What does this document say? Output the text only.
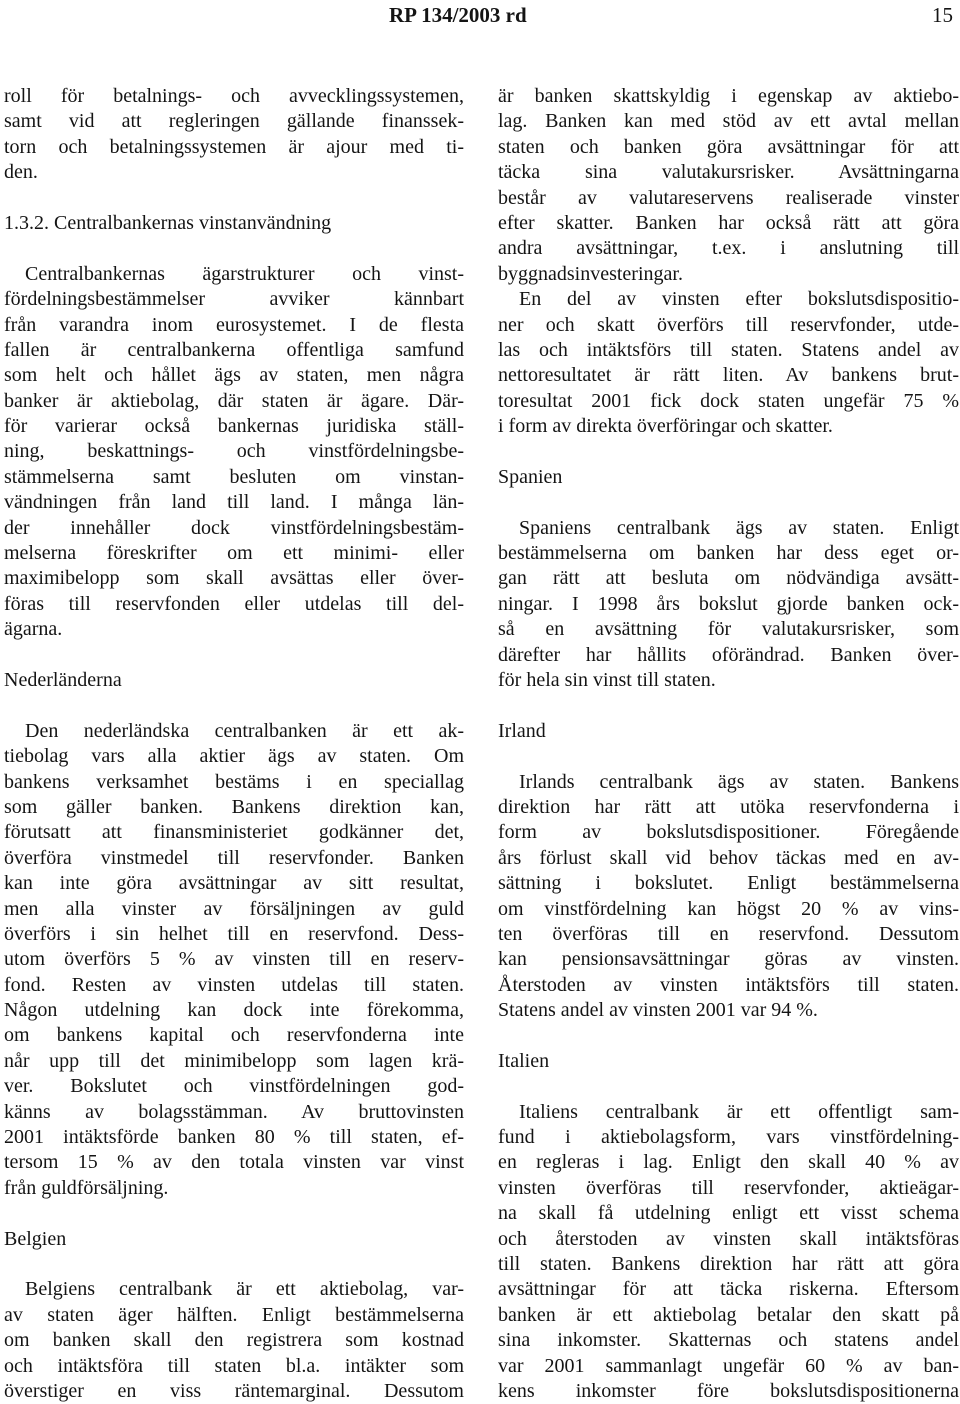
RP 134/2003 rd	15
roll för betalnings- och avvecklingssystemen,
samt vid att regleringen gällande finanssek-
torn och betalningssystemen är ajour med ti-
den.
1.3.2. Centralbankernas vinstanvändning
Centralbankernas ägarstrukturer och vinst-
fördelningsbestämmelser avviker kännbart
från varandra inom eurosystemet. I de flesta
fallen är centralbankerna offentliga samfund
som helt och hållet ägs av staten, men några
banker är aktiebolag, där staten är ägare. Där-
för varierar också bankernas juridiska ställ-
ning, beskattnings- och vinstfördelningsbe-
stämmelserna samt besluten om vinstan-
vändningen från land till land. I många län-
der innehåller dock vinstfördelningsbestäm-
melserna föreskrifter om ett minimi- eller
maximibelopp som skall avsättas eller över-
föras till reservfonden eller utdelas till del-
ägarna.
Nederländerna
Den nederländska centralbanken är ett ak-
tiebolag vars alla aktier ägs av staten. Om
bankens verksamhet bestäms i en speciallag
som gäller banken. Bankens direktion kan,
förutsatt att finansministeriet godkänner det,
överföra vinstmedel till reservfonder. Banken
kan inte göra avsättningar av sitt resultat,
men alla vinster av försäljningen av guld
överförs i sin helhet till en reservfond. Dess-
utom överförs 5 % av vinsten till en reserv-
fond. Resten av vinsten utdelas till staten.
Någon utdelning kan dock inte förekomma,
om bankens kapital och reservfonderna inte
når upp till det minimibelopp som lagen krä-
ver. Bokslutet och vinstfördelningen god-
känns av bolagsstämman. Av bruttovinsten
2001 intäktsförde banken 80 % till staten, ef-
tersom 15 % av den totala vinsten var vinst
från guldförsäljning.
Belgien
Belgiens centralbank är ett aktiebolag, var-
av staten äger hälften. Enligt bestämmelserna
om banken skall den registrera som kostnad
och intäktsföra till staten bl.a. intäkter som
överstiger en viss räntemarginal. Dessutom
är banken skattskyldig i egenskap av aktiebo-
lag. Banken kan med stöd av ett avtal mellan
staten och banken göra avsättningar för att
täcka sina valutakursrisker. Avsättningarna
består av valutareservens realiserade vinster
efter skatter. Banken har också rätt att göra
andra avsättningar, t.ex. i anslutning till
byggnadsinvesteringar.
En del av vinsten efter bokslutsdispositio-
ner och skatt överförs till reservfonder, utde-
las och intäktsförs till staten. Statens andel av
nettoresultatet är rätt liten. Av bankens brut-
toresultat 2001 fick dock staten ungefär 75 %
i form av direkta överföringar och skatter.
Spanien
Spaniens centralbank ägs av staten. Enligt
bestämmelserna om banken har dess eget or-
gan rätt att besluta om nödvändiga avsätt-
ningar. I 1998 års bokslut gjorde banken ock-
så en avsättning för valutakursrisker, som
därefter har hållits oförändrad. Banken över-
för hela sin vinst till staten.
Irland
Irlands centralbank ägs av staten. Bankens
direktion har rätt att utöka reservfonderna i
form av bokslutsdispositioner. Föregående
års förlust skall vid behov täckas med en av-
sättning i bokslutet. Enligt bestämmelserna
om vinstfördelning kan högst 20 % av vins-
ten överföras till en reservfond. Dessutom
kan pensionsavsättningar göras av vinsten.
Återstoden av vinsten intäktsförs till staten.
Statens andel av vinsten 2001 var 94 %.
Italien
Italiens centralbank är ett offentligt sam-
fund i aktiebolagsform, vars vinstfördelning-
en regleras i lag. Enligt den skall 40 % av
vinsten överföras till reservfonder, aktieägar-
na skall få utdelning enligt ett visst schema
och återstoden av vinsten skall intäktsföras
till staten. Bankens direktion har rätt att göra
avsättningar för att täcka riskerna. Eftersom
banken är ett aktiebolag betalar den skatt på
sina inkomster. Skatternas och statens andel
var 2001 sammanlagt ungefär 60 % av ban-
kens inkomster före bokslutsdispositionerna
